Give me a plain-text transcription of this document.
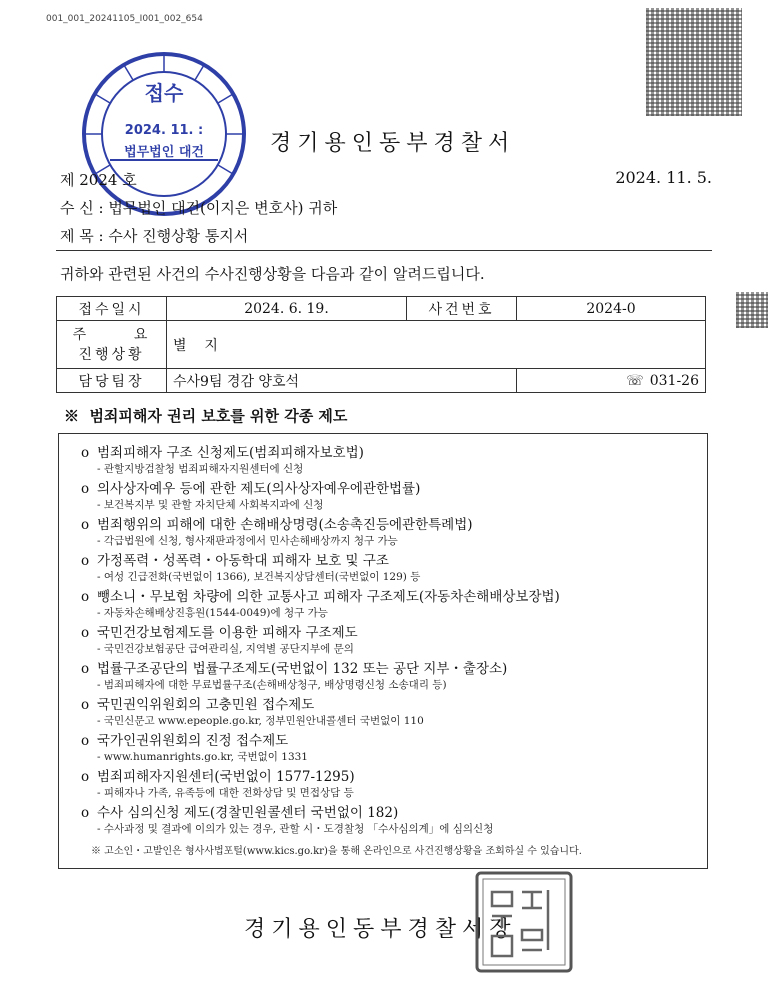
001_001_20241105_I001_002_654
접수
2024. 11. :
법무법인 대건	경기용인동부경찰서
제 2024 호	2024. 11. 5.
수 신 : 법무법인 대건(이지은 변호사) 귀하
제 목 : 수사 진행상황 통지서
귀하와 관련된 사건의 수사진행상황을 다음과 같이 알려드립니다.
접수일시	2024. 6. 19.	사건번호	2024-0

주      요
진행상황	별    지		
담당팀장	수사9팀 경감 양호석		☏ 031-26
※  범죄피해자 권리 보호를 위한 각종 제도
o 범죄피해자 구조 신청제도(범죄피해자보호법)
- 관할지방검찰청 범죄피해자지원센터에 신청
o 의사상자예우 등에 관한 제도(의사상자예우에관한법률)
- 보건복지부 및 관할 자치단체 사회복지과에 신청
o 범죄행위의 피해에 대한 손해배상명령(소송촉진등에관한특례법)
- 각급법원에 신청, 형사재판과정에서 민사손해배상까지 청구 가능
o 가정폭력・성폭력・아동학대 피해자 보호 및 구조
- 여성 긴급전화(국번없이 1366), 보건복지상담센터(국번없이 129) 등
o 뺑소니・무보험 차량에 의한 교통사고 피해자 구조제도(자동차손해배상보장법)
- 자동차손해배상진흥원(1544-0049)에 청구 가능
o 국민건강보험제도를 이용한 피해자 구조제도
- 국민건강보험공단 급여관리실, 지역별 공단지부에 문의
o 법률구조공단의 법률구조제도(국번없이 132 또는 공단 지부・출장소)
- 범죄피해자에 대한 무료법률구조(손해배상청구, 배상명령신청 소송대리 등)
o 국민권익위원회의 고충민원 접수제도
- 국민신문고 www.epeople.go.kr, 정부민원안내콜센터 국번없이 110
o 국가인권위원회의 진정 접수제도
- www.humanrights.go.kr, 국번없이 1331
o 범죄피해자지원센터(국번없이 1577-1295)
- 피해자나 가족, 유족등에 대한 전화상담 및 면접상담 등
o 수사 심의신청 제도(경찰민원콜센터 국번없이 182)
- 수사과정 및 결과에 이의가 있는 경우, 관할 시・도경찰청 「수사심의계」에 심의신청
※ 고소인・고발인은 형사사법포털(www.kics.go.kr)을 통해 온라인으로 사건진행상황을 조회하실 수 있습니다.
경기용인동부경찰서장
